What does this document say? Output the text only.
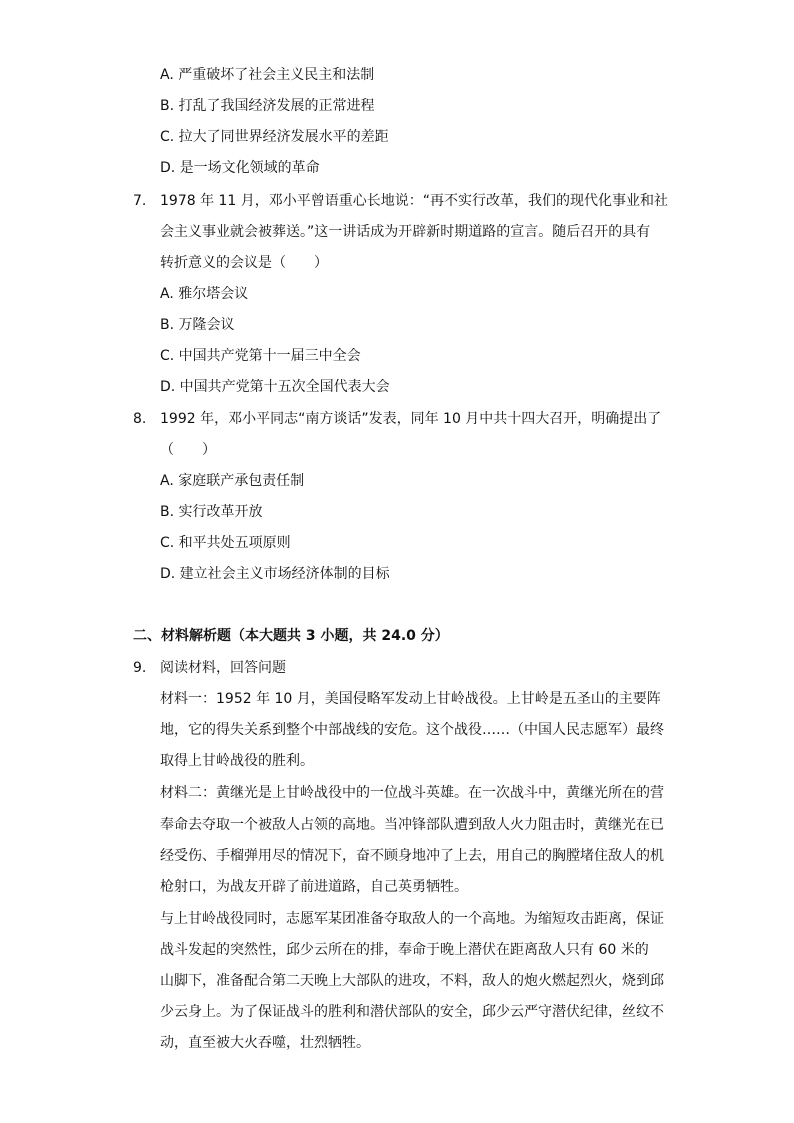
A. 严重破坏了社会主义民主和法制
B. 打乱了我国经济发展的正常进程
C. 拉大了同世界经济发展水平的差距
D. 是一场文化领域的革命
7. 1978 年 11 月，邓小平曾语重心长地说：“再不实行改革，我们的现代化事业和社
会主义事业就会被葬送。”这一讲话成为开辟新时期道路的宣言。随后召开的具有
转折意义的会议是（　　）
A. 雅尔塔会议
B. 万隆会议
C. 中国共产党第十一届三中全会
D. 中国共产党第十五次全国代表大会
8. 1992 年，邓小平同志“南方谈话”发表，同年 10 月中共十四大召开，明确提出了
（　　）
A. 家庭联产承包责任制
B. 实行改革开放
C. 和平共处五项原则
D. 建立社会主义市场经济体制的目标
二、材料解析题（本大题共 3 小题，共 24.0 分）
9. 阅读材料，回答问题
材料一：1952 年 10 月，美国侵略军发动上甘岭战役。上甘岭是五圣山的主要阵
地，它的得失关系到整个中部战线的安危。这个战役……（中国人民志愿军）最终
取得上甘岭战役的胜利。
材料二：黄继光是上甘岭战役中的一位战斗英雄。在一次战斗中，黄继光所在的营
奉命去夺取一个被敌人占领的高地。当冲锋部队遭到敌人火力阻击时，黄继光在已
经受伤、手榴弹用尽的情况下，奋不顾身地冲了上去，用自己的胸膛堵住敌人的机
枪射口，为战友开辟了前进道路，自己英勇牺牲。
与上甘岭战役同时，志愿军某团准备夺取敌人的一个高地。为缩短攻击距离，保证
战斗发起的突然性，邱少云所在的排，奉命于晚上潜伏在距离敌人只有 60 米的
山脚下，准备配合第二天晚上大部队的进攻，不料，敌人的炮火燃起烈火，烧到邱
少云身上。为了保证战斗的胜利和潜伏部队的安全，邱少云严守潜伏纪律，丝纹不
动，直至被大火吞噬，壮烈牺牲。
